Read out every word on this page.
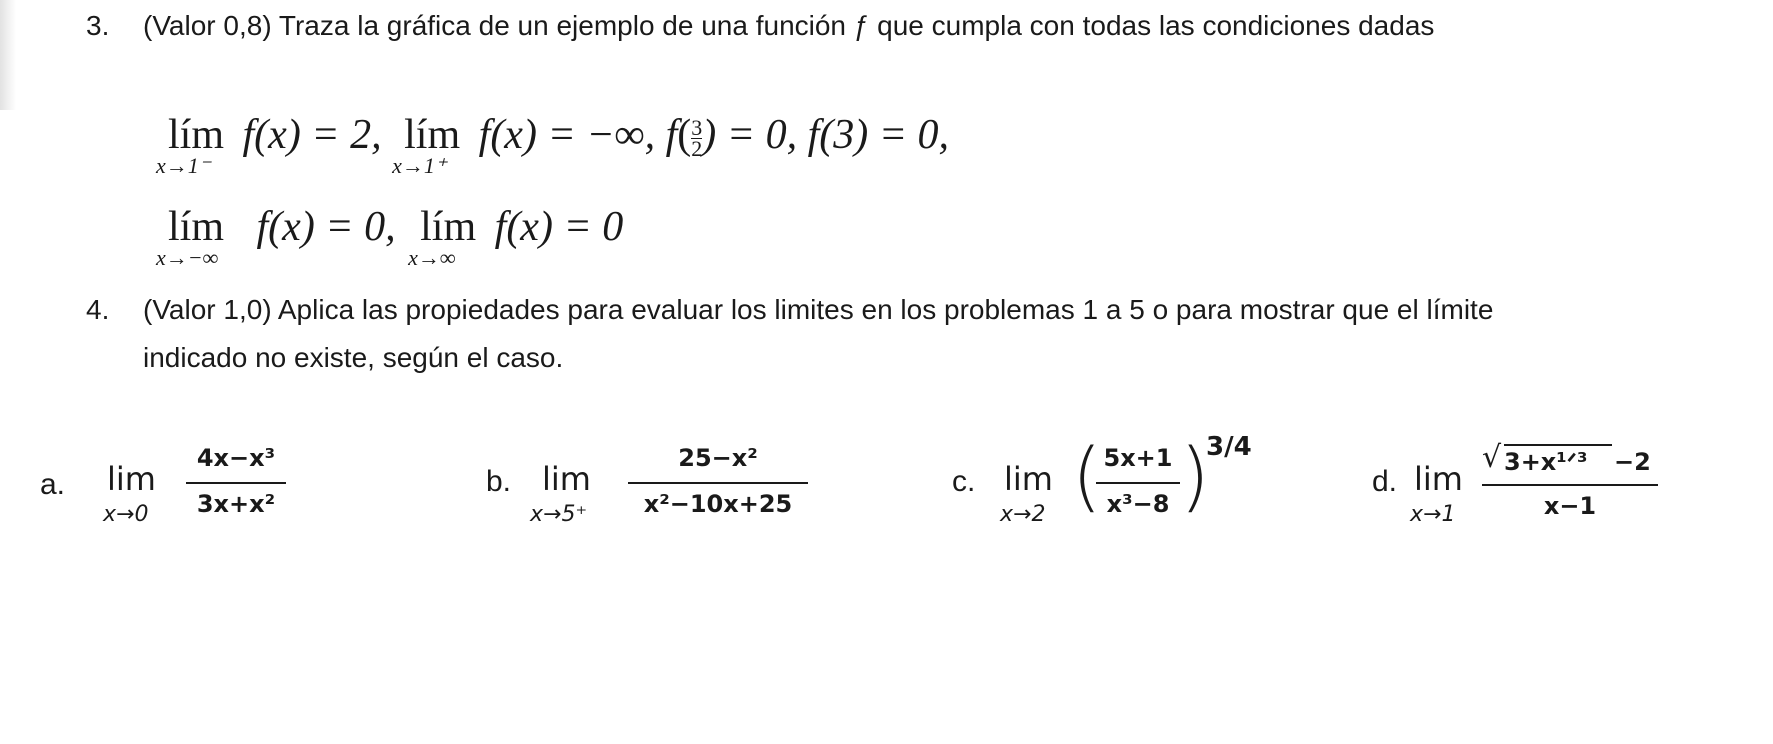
3. (Valor 0,8) Traza la gráfica de un ejemplo de una función ƒ que cumpla con todas las condiciones dadas
lím
x→1⁻
f(x) = 2, lím
x→1⁺
f(x) = −∞, $f( \frac{3}{2}$ ) = 0, f(3) = 0,
lím
x→−∞
f(x) = 0, lím
x→∞
f(x) = 0
4. (Valor 1,0) Aplica las propiedades para evaluar los limites en los problemas 1 a 5 o para mostrar que el límite
indicado no existe, según el caso.
a. lim
x→0
4x−x³
3x+x²
b. lim
x→5⁺
25−x²
x²−10x+25
c. lim
x→2 ( 5x+1
x³−8 )
3/4
d. lim
x→1
√ 3+x¹ᐟ³	−2
x−1
